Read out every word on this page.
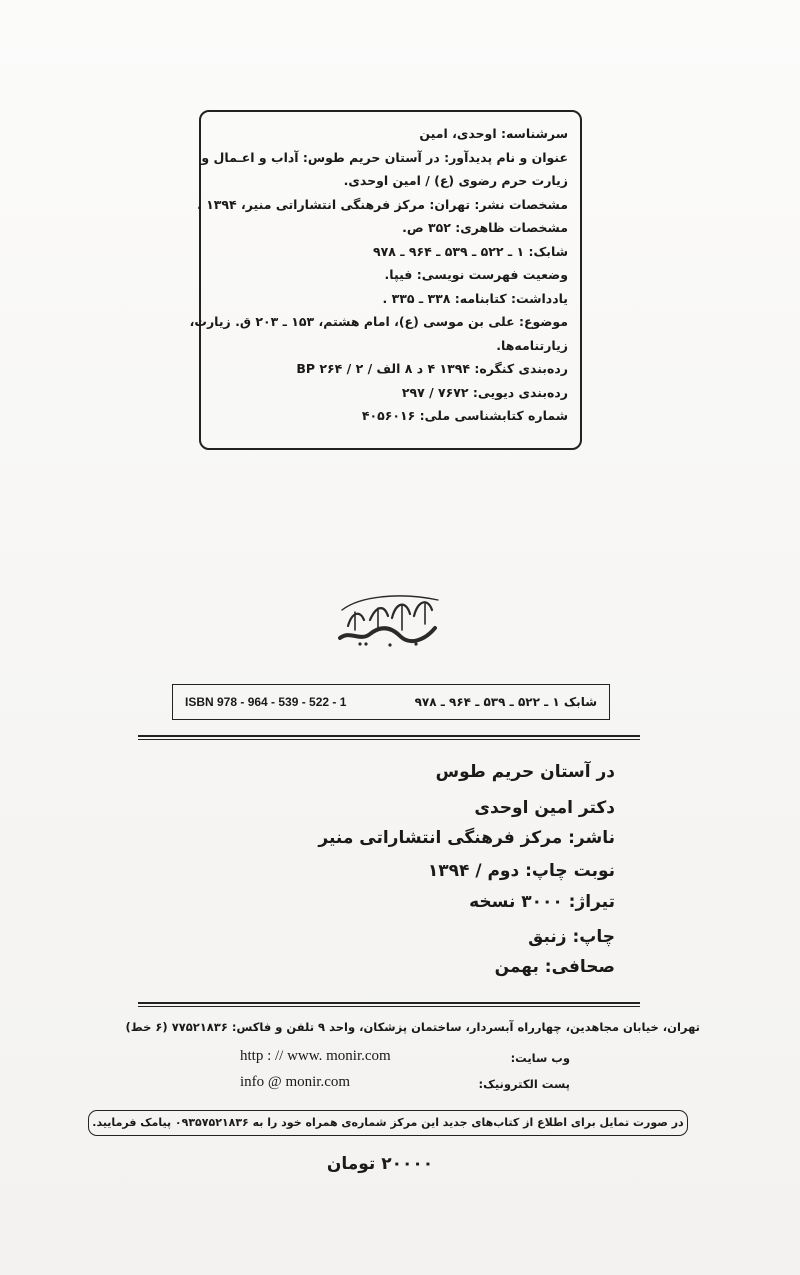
سرشناسه: اوحدی، امین
عنوان و نام پدیدآور: در آستان حریم طوس: آداب و اعـمال و
زیارت حرم رضوی (ع) / امین اوحدی.
مشخصات نشر: تهران: مرکز فرهنگی انتشاراتی منیر، ۱۳۹۴ .
مشخصات ظاهری: ۳۵۲ ص.
شابک: ۱ ـ ۵۲۲ ـ ۵۳۹ ـ ۹۶۴ ـ ۹۷۸
وضعیت فهرست نویسی: فیپا.
یادداشت: کتابنامه: ۳۳۸ ـ ۳۳۵ .
موضوع: علی بن موسی (ع)، امام هشتم، ۱۵۳ ـ ۲۰۳ ق. زیارت،
زیارتنامه‌ها.
رده‌بندی کنگره: ۱۳۹۴ ۴ د ۸ الف / ۲ / BP ۲۶۴
رده‌بندی دیویی: ۷۶۷۲ / ۲۹۷
شماره کتابشناسی ملی: ۴۰۵۶۰۱۶
ISBN 978 - 964 - 539 - 522 - 1	شابک ۱ ـ ۵۲۲ ـ ۵۳۹ ـ ۹۶۴ ـ ۹۷۸
در آستان حریم طوس
دکتر امین اوحدی
ناشر: مرکز فرهنگی انتشاراتی منیر
نوبت چاپ: دوم / ۱۳۹۴
تیراژ: ۳۰۰۰ نسخه
چاپ: زنبق
صحافی: بهمن
تهران، خیابان مجاهدین، چهارراه آبسردار، ساختمان پزشکان، واحد ۹ تلفن و فاکس: ۷۷۵۲۱۸۳۶ (۶ خط)
http : // www. monir.com	وب سایت:
info @ monir.com	پست الکترونیک:
در صورت تمایل برای اطلاع از کتاب‌های جدید این مرکز شماره‌ی همراه خود را به ۰۹۳۵۷۵۲۱۸۳۶ پیامک فرمایید.
۲۰۰۰۰ تومان
